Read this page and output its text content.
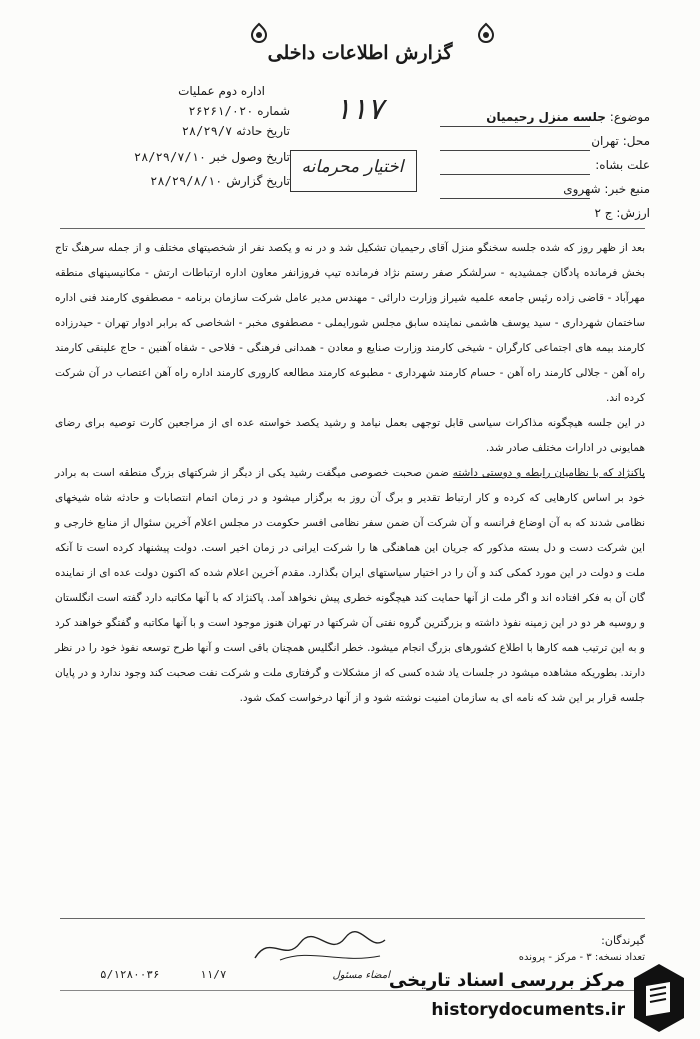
گزارش اطلاعات داخلی
اداره دوم عملیات
شماره ۲۶۲۶۱/۰۲۰
تاریخ حادثه ۲۸/۲۹/۷
تاریخ وصول خبر ۲۸/۲۹/۷/۱۰
تاریخ گزارش ۲۸/۲۹/۸/۱۰
۱۱۷
اختیار محرمانه
موضوع: جلسه منزل رحیمیان
محل: تهران
علت بشاه:
منبع خبر: شهروی
ارزش: ج ۲

بعد از ظهر روز که شده جلسه سخنگو منزل آقای رحیمیان تشکیل شد و در نه و یکصد نفر از شخصیتهای مختلف و از جمله سرهنگ تاج بخش فرمانده پادگان جمشیدیه - سرلشکر صفر رستم نژاد فرمانده تیپ فروزانفر معاون اداره ارتباطات ارتش - مکانیسینهای منطقه مهرآباد - قاضی زاده رئیس جامعه علمیه شیراز وزارت دارائی - مهندس مدیر عامل شرکت سازمان برنامه - مصطفوی کارمند فنی اداره ساختمان شهرداری - سید یوسف هاشمی نماینده سابق مجلس شورایملی - مصطفوی مخبر - اشخاصی که برابر ادوار تهران - حیدرزاده کارمند بیمه های اجتماعی کارگران - شیخی کارمند وزارت صنایع و معادن - همدانی فرهنگی - فلاحی - شفاه آهنین - حاج علینقی کارمند راه آهن - جلالی کارمند راه آهن - حسام کارمند شهرداری - مطبوعه کارمند مطالعه کاروری کارمند اداره راه آهن اعتصاب در آن شرکت کرده اند.

در این جلسه هیچگونه مذاکرات سیاسی قابل توجهی بعمل نیامد و رشید یکصد خواسته عده ای از مراجعین کارت توصیه برای رضای همایونی در ادارات مختلف صادر شد.

پاکنژاد که با نظامیان رابطه و دوستی داشته ضمن صحبت خصوصی میگفت رشید یکی از دیگر از شرکتهای بزرگ منطقه است به برادر خود بر اساس کارهایی که کرده و کار ارتباط تقدیر و برگ آن روز به برگزار میشود و در زمان اتمام انتصابات و حادثه شاه شیخهای نظامی شدند که به آن اوضاع فرانسه و آن شرکت آن ضمن سفر نظامی افسر حکومت در مجلس اعلام آخرین سئوال از منابع خارجی و این شرکت دست و دل بسته مذکور که جریان این هماهنگی ها را شرکت ایرانی در زمان اخیر است. دولت پیشنهاد کرده است تا آنکه ملت و دولت در این مورد کمکی کند و آن را در اختیار سیاستهای ایران بگذارد. مقدم آخرین اعلام شده که اکنون دولت عده ای از نماینده گان آن به فکر افتاده اند و اگر ملت از آنها حمایت کند هیچگونه خطری پیش نخواهد آمد. پاکنژاد که با آنها مکاتبه دارد گفته است انگلستان و روسیه هر دو در این زمینه نفوذ داشته و بزرگترین گروه نفتی آن شرکتها در تهران هنوز موجود است و با آنها مکاتبه و گفتگو خواهند کرد و به این ترتیب همه کارها با اطلاع کشورهای بزرگ انجام میشود. خطر انگلیس همچنان باقی است و آنها طرح توسعه نفوذ خود را در نظر دارند. بطوریکه مشاهده میشود در جلسات یاد شده کسی که از مشکلات و گرفتاری ملت و شرکت نفت صحبت کند وجود ندارد و در پایان جلسه قرار بر این شد که نامه ای به سازمان امنیت نوشته شود و از آنها درخواست کمک شود.

گیرندگان:
تعداد نسخه: ۳ - مرکز - پرونده
امضاء مسئول
۱۱/۷
۵/۱۲۸۰۰۳۶	مرکز بررسی اسناد تاریخی
historydocuments.ir
